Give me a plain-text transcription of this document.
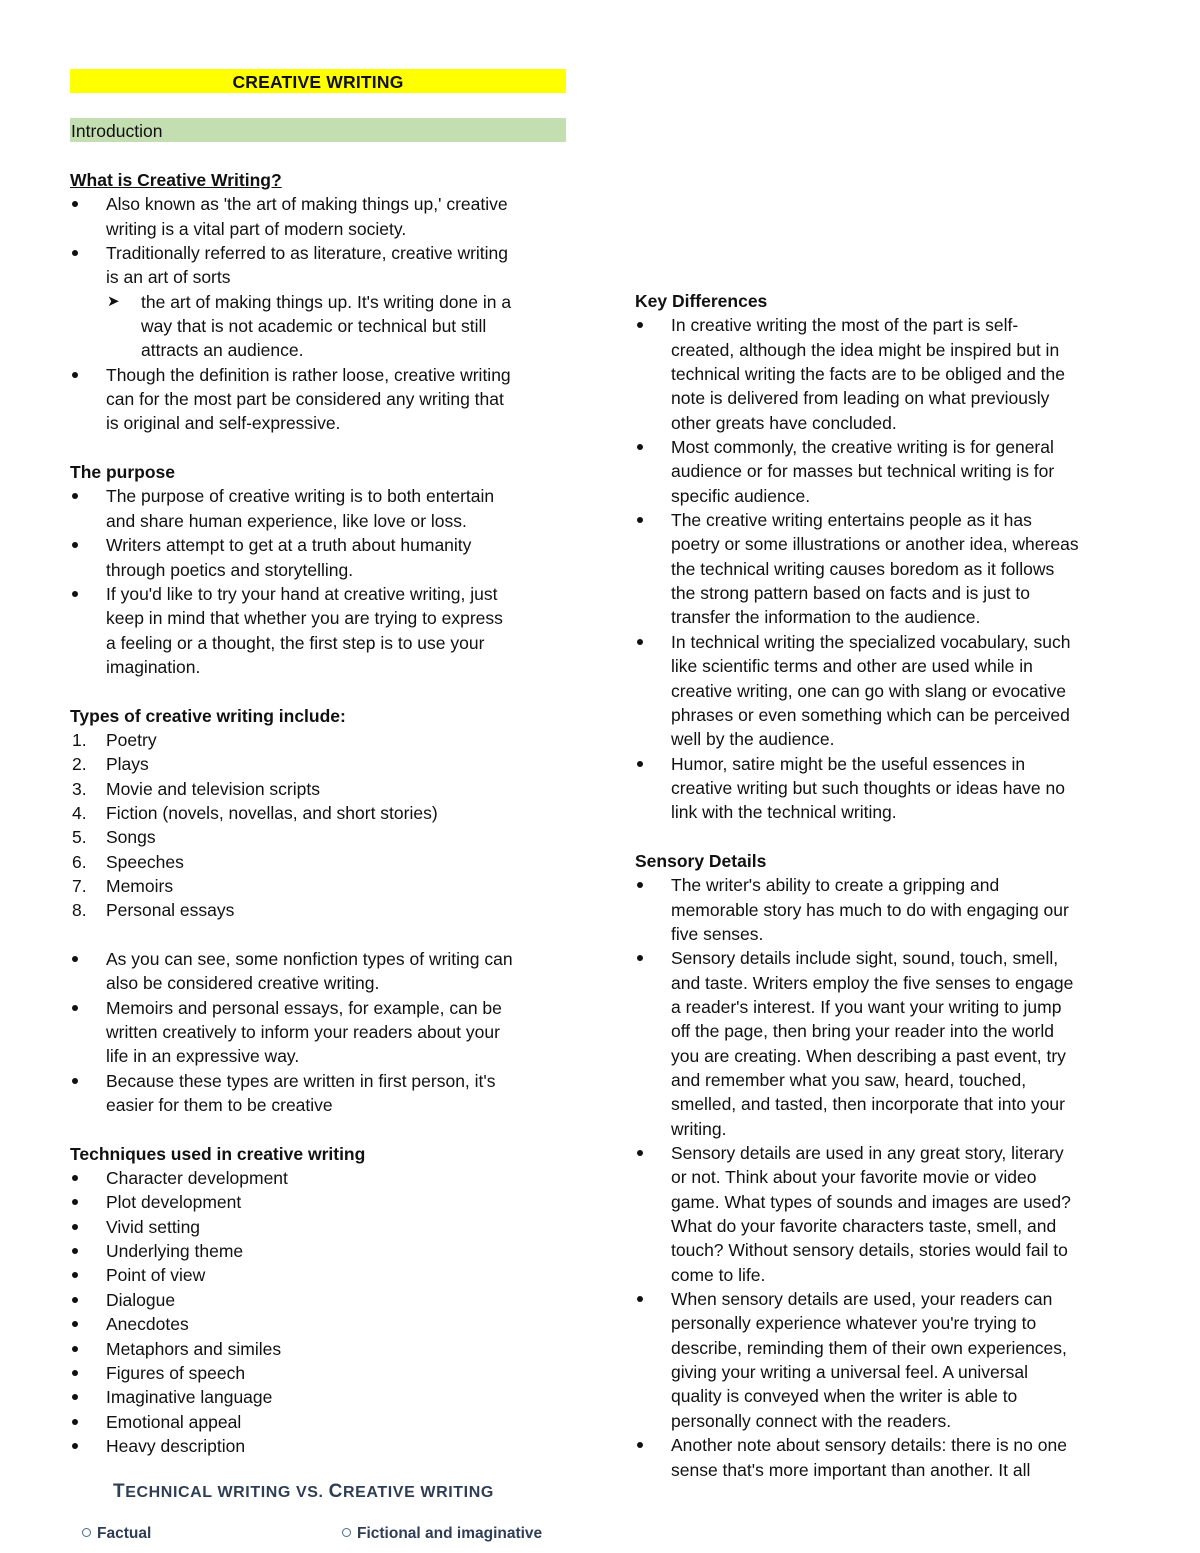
CREATIVE WRITING
Introduction
What is Creative Writing?
Also known as 'the art of making things up,' creative
writing is a vital part of modern society.
Traditionally referred to as literature, creative writing
is an art of sorts
➤	the art of making things up. It's writing done in a
way that is not academic or technical but still
attracts an audience.
Though the definition is rather loose, creative writing
can for the most part be considered any writing that
is original and self-expressive.
The purpose
The purpose of creative writing is to both entertain
and share human experience, like love or loss.
Writers attempt to get at a truth about humanity
through poetics and storytelling.
If you'd like to try your hand at creative writing, just
keep in mind that whether you are trying to express
a feeling or a thought, the first step is to use your
imagination.
Types of creative writing include:
1.	Poetry
2.	Plays
3.	Movie and television scripts
4.	Fiction (novels, novellas, and short stories)
5.	Songs
6.	Speeches
7.	Memoirs
8.	Personal essays
As you can see, some nonfiction types of writing can
also be considered creative writing.
Memoirs and personal essays, for example, can be
written creatively to inform your readers about your
life in an expressive way.
Because these types are written in first person, it's
easier for them to be creative
Techniques used in creative writing
Character development
Plot development
Vivid setting
Underlying theme
Point of view
Dialogue
Anecdotes
Metaphors and similes
Figures of speech
Imaginative language
Emotional appeal
Heavy description
TECHNICAL WRITING VS. CREATIVE WRITING
Factual	Fictional and imaginative
Key Differences
In creative writing the most of the part is self-
created, although the idea might be inspired but in
technical writing the facts are to be obliged and the
note is delivered from leading on what previously
other greats have concluded.
Most commonly, the creative writing is for general
audience or for masses but technical writing is for
specific audience.
The creative writing entertains people as it has
poetry or some illustrations or another idea, whereas
the technical writing causes boredom as it follows
the strong pattern based on facts and is just to
transfer the information to the audience.
In technical writing the specialized vocabulary, such
like scientific terms and other are used while in
creative writing, one can go with slang or evocative
phrases or even something which can be perceived
well by the audience.
Humor, satire might be the useful essences in
creative writing but such thoughts or ideas have no
link with the technical writing.
Sensory Details
The writer's ability to create a gripping and
memorable story has much to do with engaging our
five senses.
Sensory details include sight, sound, touch, smell,
and taste. Writers employ the five senses to engage
a reader's interest. If you want your writing to jump
off the page, then bring your reader into the world
you are creating. When describing a past event, try
and remember what you saw, heard, touched,
smelled, and tasted, then incorporate that into your
writing.
Sensory details are used in any great story, literary
or not. Think about your favorite movie or video
game. What types of sounds and images are used?
What do your favorite characters taste, smell, and
touch? Without sensory details, stories would fail to
come to life.
When sensory details are used, your readers can
personally experience whatever you're trying to
describe, reminding them of their own experiences,
giving your writing a universal feel. A universal
quality is conveyed when the writer is able to
personally connect with the readers.
Another note about sensory details: there is no one
sense that's more important than another. It all
